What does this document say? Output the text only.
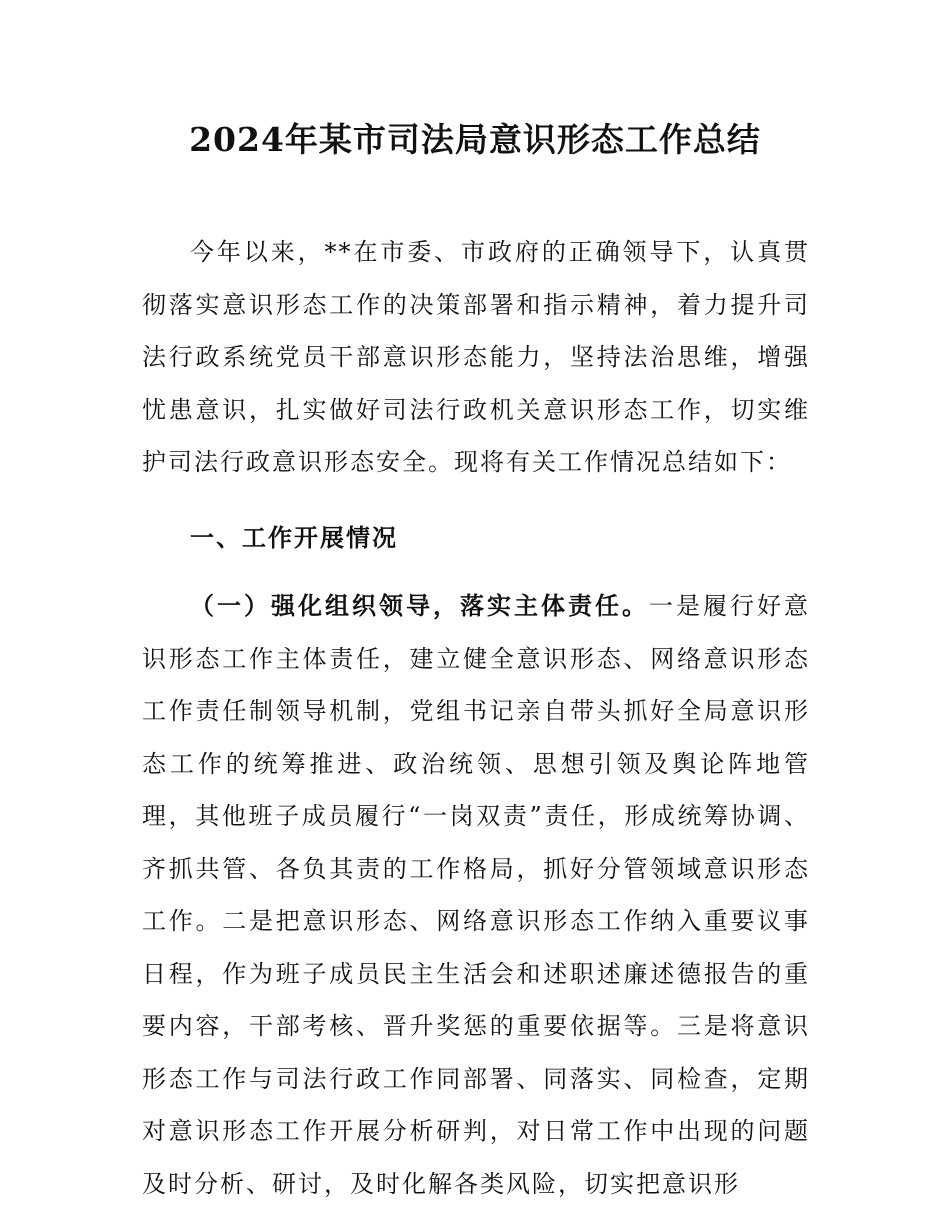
2024年某市司法局意识形态工作总结

今年以来，**在市委、市政府的正确领导下，认真贯彻落实意识形态工作的决策部署和指示精神，着力提升司法行政系统党员干部意识形态能力，坚持法治思维，增强忧患意识，扎实做好司法行政机关意识形态工作，切实维护司法行政意识形态安全。现将有关工作情况总结如下：

一、工作开展情况

（一）强化组织领导，落实主体责任。一是履行好意识形态工作主体责任，建立健全意识形态、网络意识形态工作责任制领导机制，党组书记亲自带头抓好全局意识形态工作的统筹推进、政治统领、思想引领及舆论阵地管理，其他班子成员履行“一岗双责”责任，形成统筹协调、齐抓共管、各负其责的工作格局，抓好分管领域意识形态工作。二是把意识形态、网络意识形态工作纳入重要议事日程，作为班子成员民主生活会和述职述廉述德报告的重要内容，干部考核、晋升奖惩的重要依据等。三是将意识形态工作与司法行政工作同部署、同落实、同检查，定期对意识形态工作开展分析研判，对日常工作中出现的问题及时分析、研讨，及时化解各类风险，切实把意识形
